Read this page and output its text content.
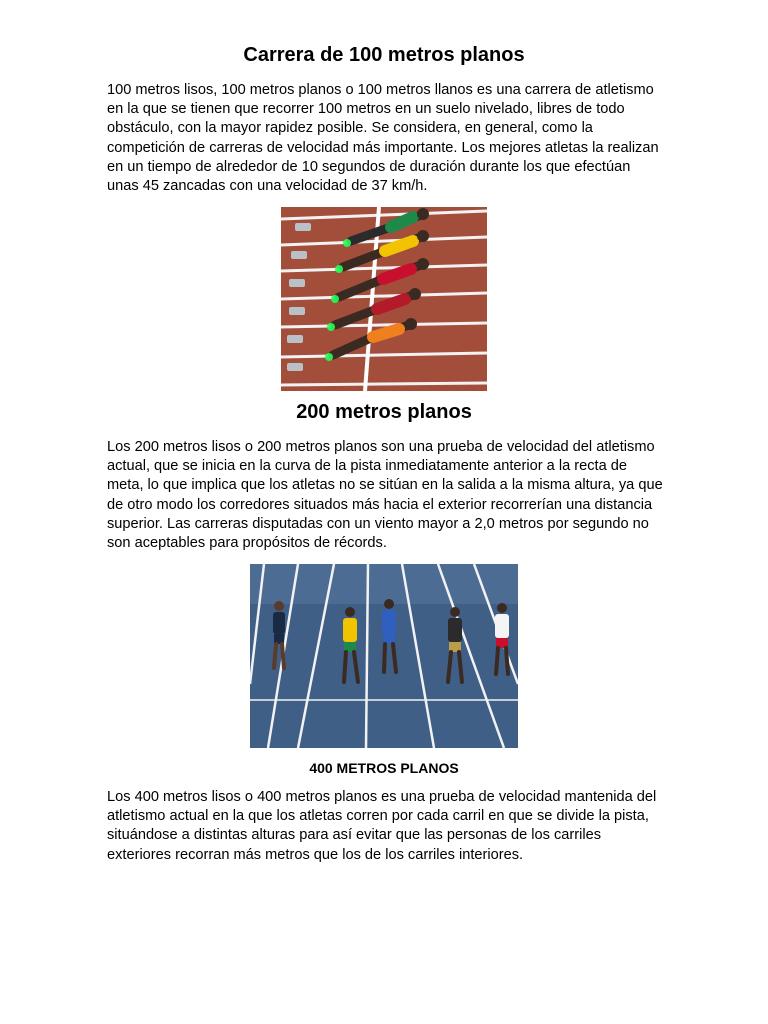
Carrera de 100 metros planos

100 metros lisos, 100 metros planos o 100 metros llanos es una carrera de atletismo en la que se tienen que recorrer 100 metros en un suelo nivelado, libres de todo obstáculo, con la mayor rapidez posible. Se considera, en general, como la competición de carreras de velocidad más importante. Los mejores atletas la realizan en un tiempo de alrededor de 10 segundos de duración durante los que efectúan unas 45 zancadas con una velocidad de 37 km/h.

200 metros planos

Los 200 metros lisos o 200 metros planos son una prueba de velocidad del atletismo actual, que se inicia en la curva de la pista inmediatamente anterior a la recta de meta, lo que implica que los atletas no se sitúan en la salida a la misma altura, ya que de otro modo los corredores situados más hacia el exterior recorrerían una distancia superior. Las carreras disputadas con un viento mayor a 2,0 metros por segundo no son aceptables para propósitos de récords.

400 METROS PLANOS

Los 400 metros lisos o 400 metros planos es una prueba de velocidad mantenida del atletismo actual en la que los atletas corren por cada carril en que se divide la pista, situándose a distintas alturas para así evitar que las personas de los carriles exteriores recorran más metros que los de los carriles interiores.
